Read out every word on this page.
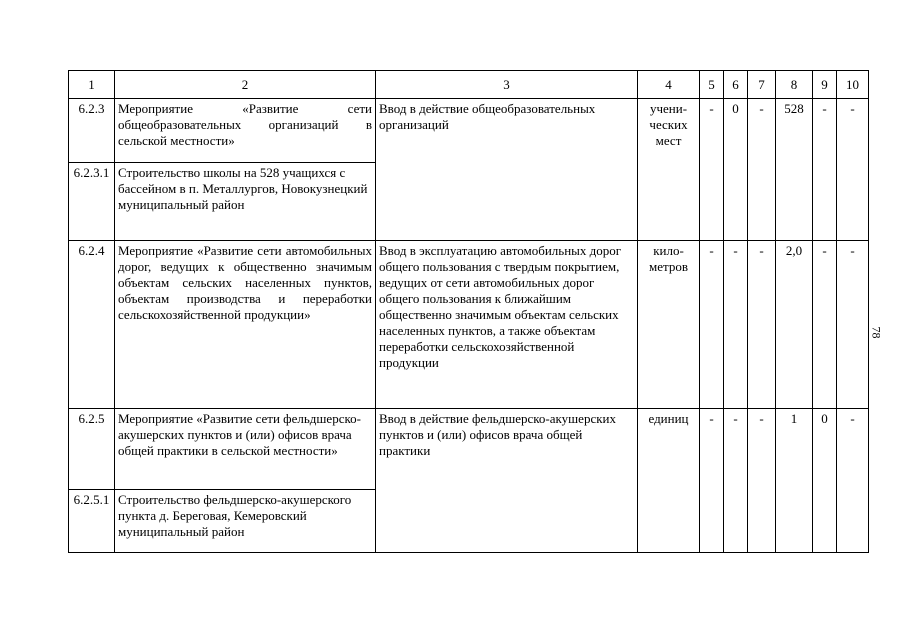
1	2	3	4	5	6	7	8	9	10
6.2.3	Мероприятие «Развитие сети общеобразовательных организаций в сельской местности»	Ввод в действие общеобразовательных организаций	учени-ческих мест	-	0	-	528	-	-
6.2.3.1	Строительство школы на 528 учащихся с бассейном в п. Металлургов, Новокузнецкий муниципальный район								
6.2.4	Мероприятие «Развитие сети автомобильных дорог, ведущих к общественно значимым объектам сельских населенных пунктов, объектам производства и переработки сельскохозяйственной продукции»	Ввод в эксплуатацию автомобильных дорог общего пользования с твердым покрытием, ведущих от сети автомобильных дорог общего пользования к ближайшим общественно значимым объектам сельских населенных пунктов, а также объектам переработки сельскохозяйственной продукции	кило-метров	-	-	-	2,0	-	-
6.2.5	Мероприятие «Развитие сети фельдшерско-акушерских пунктов и (или) офисов врача общей практики в сельской местности»	Ввод в действие фельдшерско-акушерских пунктов и (или) офисов врача общей практики	единиц	-	-	-	1	0	-
6.2.5.1	Строительство фельдшерско-акушерского пункта д. Береговая, Кемеровский муниципальный район								
78
